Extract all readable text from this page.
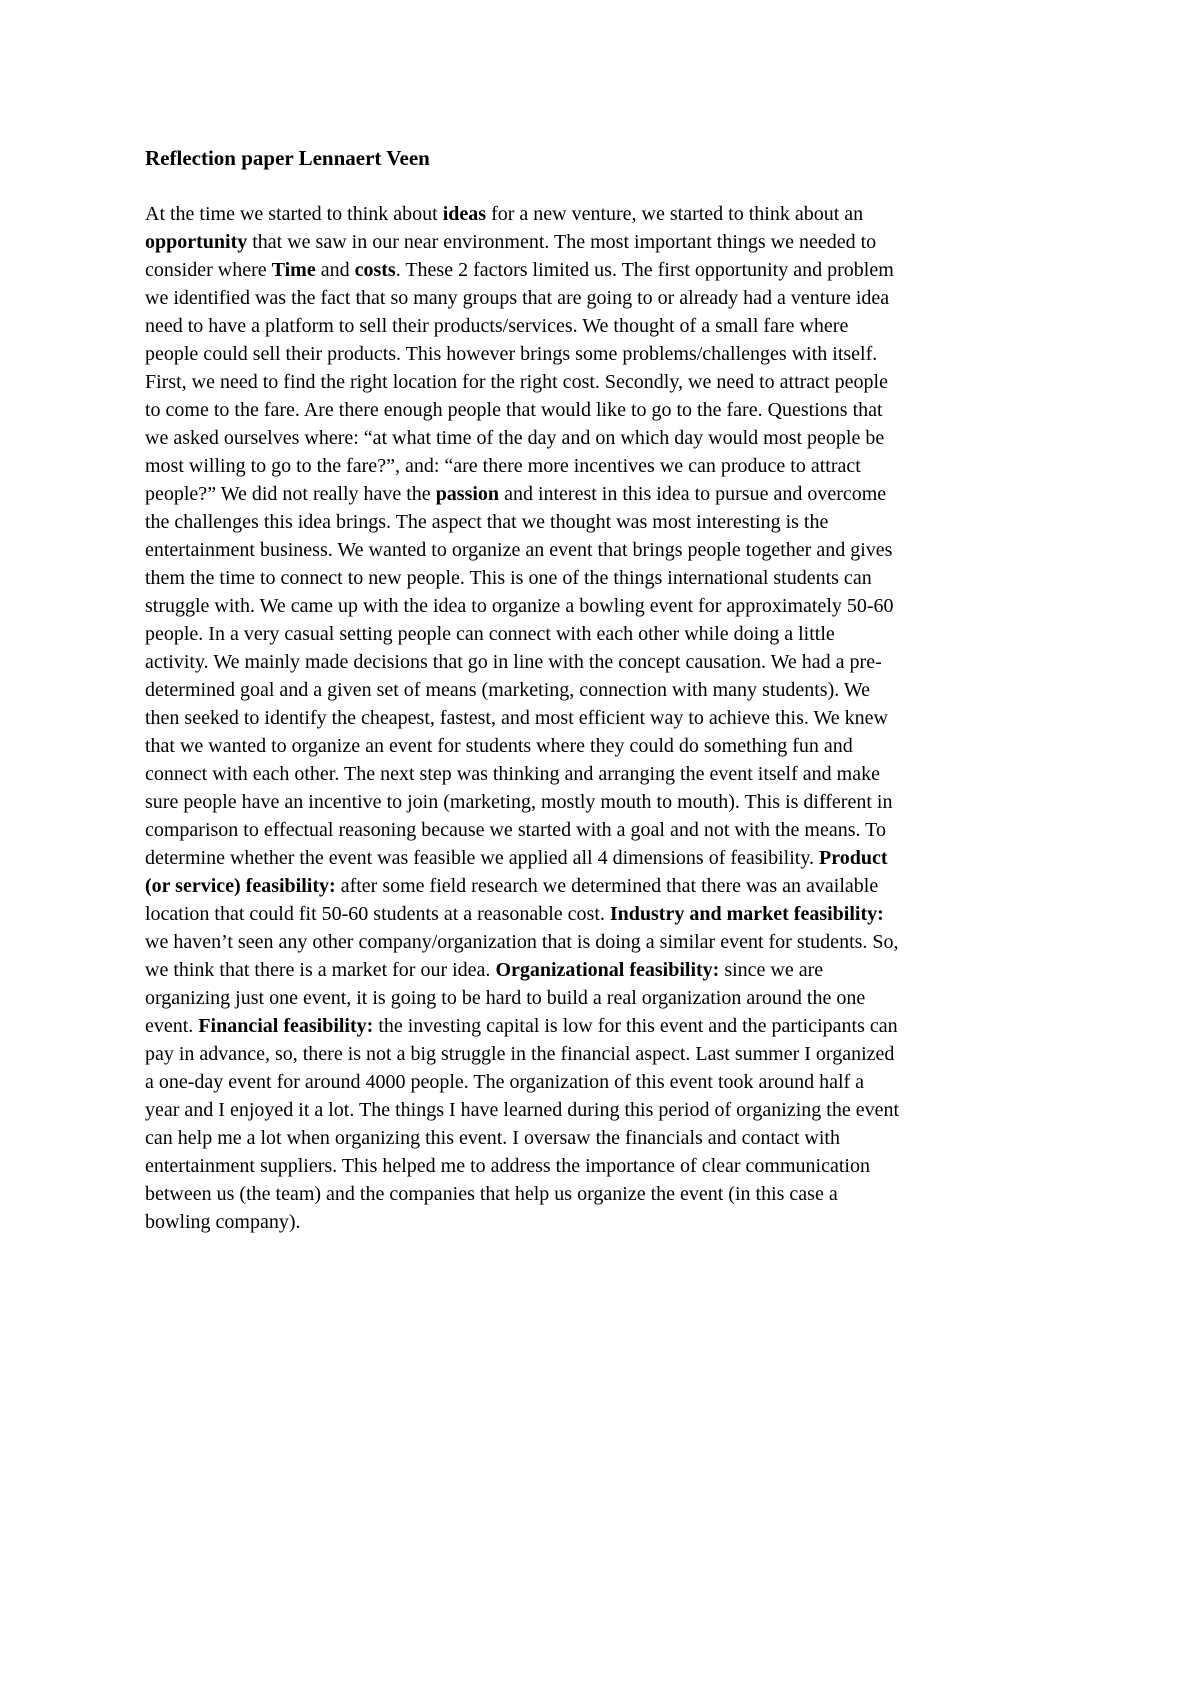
Reflection paper Lennaert Veen
At the time we started to think about ideas for a new venture, we started to think about an
opportunity that we saw in our near environment. The most important things we needed to
consider where Time and costs. These 2 factors limited us. The first opportunity and problem
we identified was the fact that so many groups that are going to or already had a venture idea
need to have a platform to sell their products/services. We thought of a small fare where
people could sell their products. This however brings some problems/challenges with itself.
First, we need to find the right location for the right cost. Secondly, we need to attract people
to come to the fare. Are there enough people that would like to go to the fare. Questions that
we asked ourselves where: “at what time of the day and on which day would most people be
most willing to go to the fare?”, and: “are there more incentives we can produce to attract
people?” We did not really have the passion and interest in this idea to pursue and overcome
the challenges this idea brings. The aspect that we thought was most interesting is the
entertainment business. We wanted to organize an event that brings people together and gives
them the time to connect to new people. This is one of the things international students can
struggle with. We came up with the idea to organize a bowling event for approximately 50-60
people. In a very casual setting people can connect with each other while doing a little
activity. We mainly made decisions that go in line with the concept causation. We had a pre-
determined goal and a given set of means (marketing, connection with many students). We
then seeked to identify the cheapest, fastest, and most efficient way to achieve this. We knew
that we wanted to organize an event for students where they could do something fun and
connect with each other. The next step was thinking and arranging the event itself and make
sure people have an incentive to join (marketing, mostly mouth to mouth). This is different in
comparison to effectual reasoning because we started with a goal and not with the means. To
determine whether the event was feasible we applied all 4 dimensions of feasibility. Product
(or service) feasibility: after some field research we determined that there was an available
location that could fit 50-60 students at a reasonable cost. Industry and market feasibility:
we haven’t seen any other company/organization that is doing a similar event for students. So,
we think that there is a market for our idea. Organizational feasibility: since we are
organizing just one event, it is going to be hard to build a real organization around the one
event. Financial feasibility: the investing capital is low for this event and the participants can
pay in advance, so, there is not a big struggle in the financial aspect. Last summer I organized
a one-day event for around 4000 people. The organization of this event took around half a
year and I enjoyed it a lot. The things I have learned during this period of organizing the event
can help me a lot when organizing this event. I oversaw the financials and contact with
entertainment suppliers. This helped me to address the importance of clear communication
between us (the team) and the companies that help us organize the event (in this case a
bowling company).
